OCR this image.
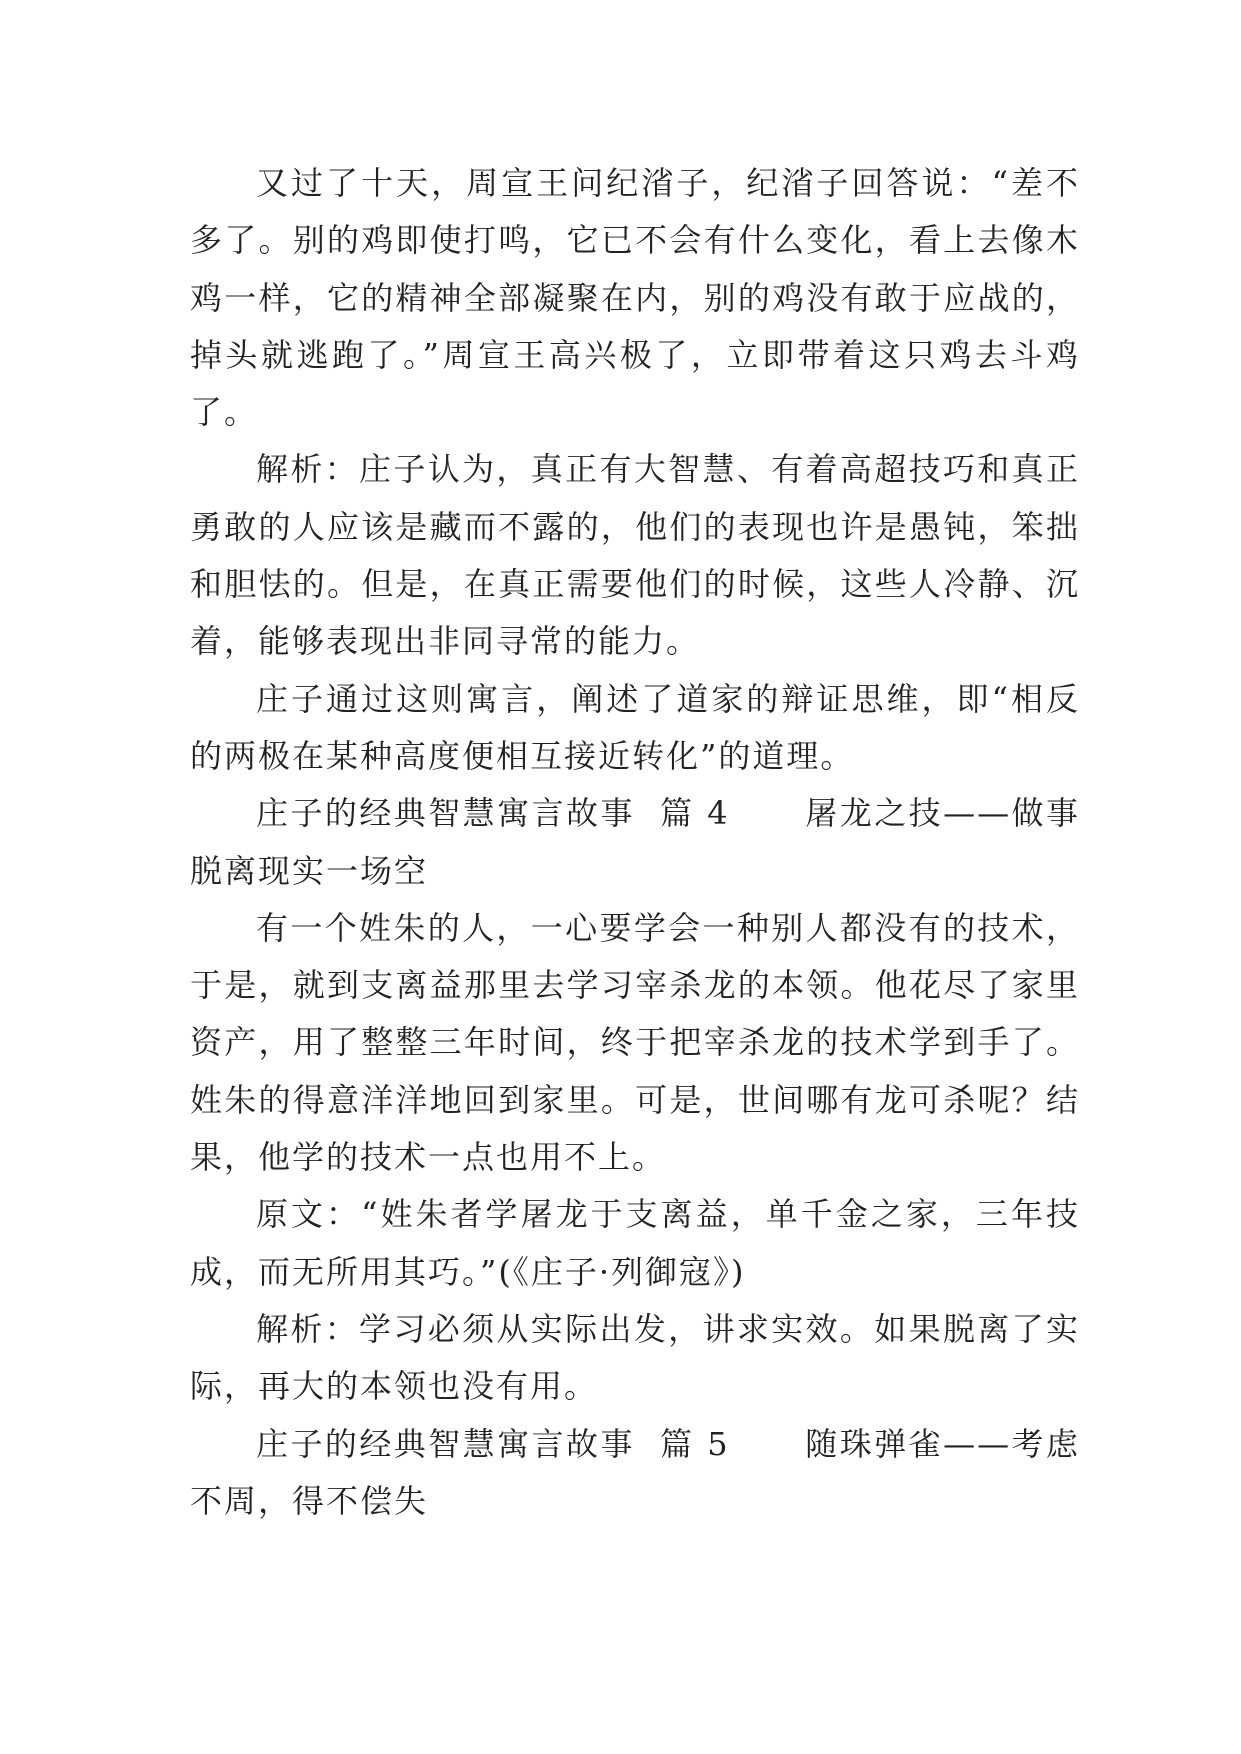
又过了十天，周宣王问纪渻子，纪渻子回答说：“差不多了。别的鸡即使打鸣，它已不会有什么变化，看上去像木鸡一样，它的精神全部凝聚在内，别的鸡没有敢于应战的，掉头就逃跑了。”周宣王高兴极了，立即带着这只鸡去斗鸡了。

解析：庄子认为，真正有大智慧、有着高超技巧和真正勇敢的人应该是藏而不露的，他们的表现也许是愚钝，笨拙和胆怯的。但是，在真正需要他们的时候，这些人冷静、沉着，能够表现出非同寻常的能力。

庄子通过这则寓言，阐述了道家的辩证思维，即“相反的两极在某种高度便相互接近转化”的道理。

庄子的经典智慧寓言故事  篇 4      屠龙之技——做事脱离现实一场空

有一个姓朱的人，一心要学会一种别人都没有的技术，于是，就到支离益那里去学习宰杀龙的本领。他花尽了家里资产，用了整整三年时间，终于把宰杀龙的技术学到手了。姓朱的得意洋洋地回到家里。可是，世间哪有龙可杀呢？结果，他学的技术一点也用不上。

原文：“姓朱者学屠龙于支离益，单千金之家，三年技成，而无所用其巧。”(《庄子·列御寇》)

解析：学习必须从实际出发，讲求实效。如果脱离了实际，再大的本领也没有用。

庄子的经典智慧寓言故事  篇 5      随珠弹雀——考虑不周，得不偿失
